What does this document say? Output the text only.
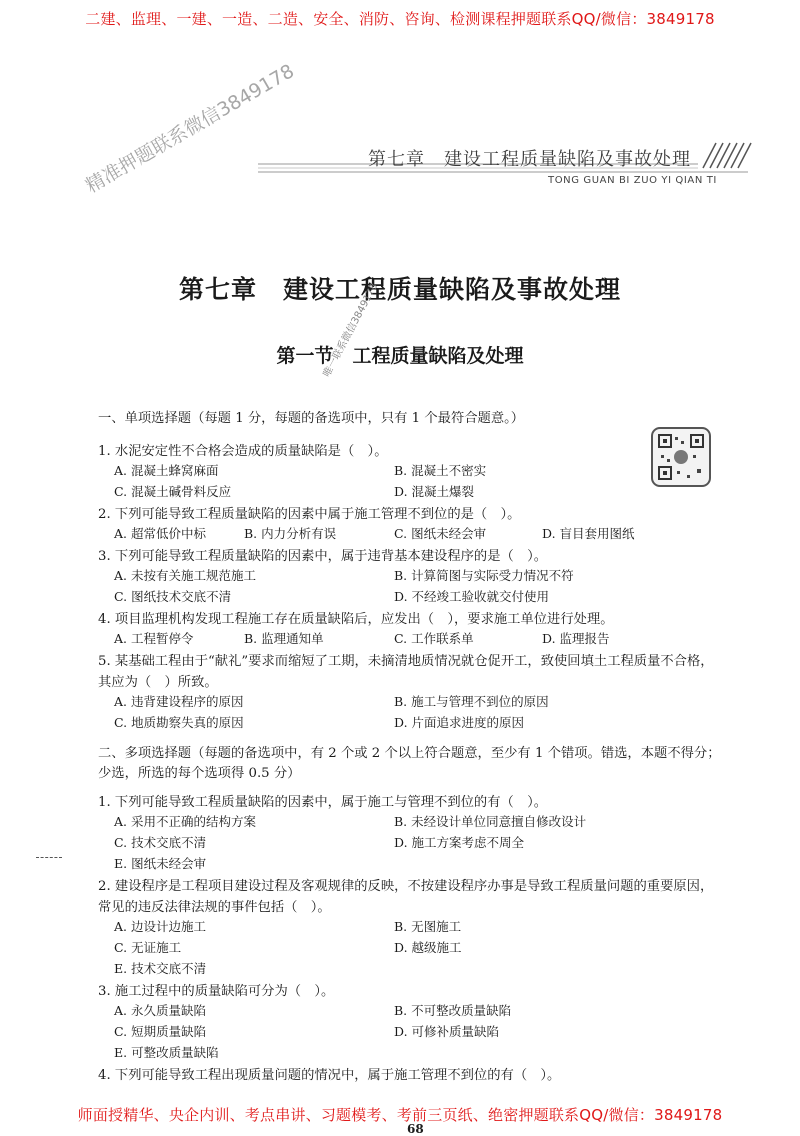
二建、监理、一建、一造、二造、安全、消防、咨询、检测课程押题联系QQ/微信：3849178
第七章　建设工程质量缺陷及事故处理
TONG GUAN BI ZUO YI QIAN TI
精准押题联系微信3849178
第七章　建设工程质量缺陷及事故处理
唯一联系微信3849178
第一节　工程质量缺陷及处理
一、单项选择题（每题 1 分，每题的备选项中，只有 1 个最符合题意。）
1. 水泥安定性不合格会造成的质量缺陷是（　）。
A. 混凝土蜂窝麻面	B. 混凝土不密实
C. 混凝土碱骨料反应	D. 混凝土爆裂
2. 下列可能导致工程质量缺陷的因素中属于施工管理不到位的是（　）。
A. 超常低价中标	B. 内力分析有误	C. 图纸未经会审	D. 盲目套用图纸
3. 下列可能导致工程质量缺陷的因素中，属于违背基本建设程序的是（　）。
A. 未按有关施工规范施工	B. 计算简图与实际受力情况不符
C. 图纸技术交底不清	D. 不经竣工验收就交付使用
4. 项目监理机构发现工程施工存在质量缺陷后，应发出（　），要求施工单位进行处理。
A. 工程暂停令	B. 监理通知单	C. 工作联系单	D. 监理报告
5. 某基础工程由于“献礼”要求而缩短了工期，未摘清地质情况就仓促开工，致使回填土工程质量不合格，
其应为（　）所致。
A. 违背建设程序的原因	B. 施工与管理不到位的原因
C. 地质勘察失真的原因	D. 片面追求进度的原因
二、多项选择题（每题的备选项中，有 2 个或 2 个以上符合题意，至少有 1 个错项。错选，本题不得分；
少选，所选的每个选项得 0.5 分）
1. 下列可能导致工程质量缺陷的因素中，属于施工与管理不到位的有（　）。
A. 采用不正确的结构方案	B. 未经设计单位同意擅自修改设计
C. 技术交底不清	D. 施工方案考虑不周全
E. 图纸未经会审
2. 建设程序是工程项目建设过程及客观规律的反映，不按建设程序办事是导致工程质量问题的重要原因，
常见的违反法律法规的事件包括（　）。
A. 边设计边施工	B. 无图施工
C. 无证施工	D. 越级施工
E. 技术交底不清
3. 施工过程中的质量缺陷可分为（　）。
A. 永久质量缺陷	B. 不可整改质量缺陷
C. 短期质量缺陷	D. 可修补质量缺陷
E. 可整改质量缺陷
4. 下列可能导致工程出现质量问题的情况中，属于施工管理不到位的有（　）。
师面授精华、央企内训、考点串讲、习题模考、考前三页纸、绝密押题联系QQ/微信：3849178
68
